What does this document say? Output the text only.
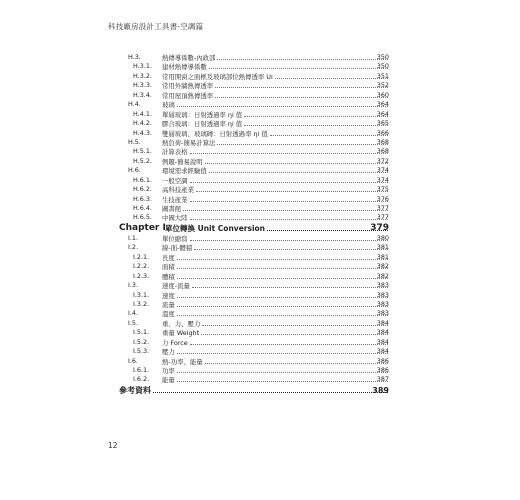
科技廠房設計工具書-空調篇
H.3.	熱傳導係數-內政部	350
H.3.1. 建材熱傳導係數	350
H.3.2. 常用開窗之面框及玻璃部位熱傳透率 Ui	351
H.3.3. 常用外牆熱傳透率	352
H.3.4. 常用屋頂熱傳透率	360
H.4.	玻璃	364
H.4.1. 單層玻璃：日射透過率 ηi 值	364
H.4.2. 膠合玻璃：日射透過率 ηi 值	365
H.4.3. 雙層玻璃、玻璃磚：日射透過率 ηi 值	366
H.5.	熱負荷-簡易計算法	368
H.5.1. 計算表格	368
H.5.2. 例題-簡易說明	372
H.6.	環境需求經驗值	374
H.6.1. 一般空調	374
H.6.2. 高科技產業	375
H.6.3. 生技產業	376
H.6.4. 圖書館	377
H.6.5. 中國大陸	377
Chapter I.
單位轉換 Unit Conversion	379
I.1.	單位縮寫	380
I.2.	線-面-體積	381
I.2.1. 長度	381
I.2.2. 面積	382
I.2.3. 體積	382
I.3.	速度-流量	383
I.3.1. 速度	383
I.3.2. 流量	383
I.4.	溫度	383
I.5.	重、力、壓力	384
I.5.1. 重量 Weight	384
I.5.2. 力 Force	384
I.5.3. 壓力	384
I.6.	熱-功率、能量	386
I.6.1. 功率	386
I.6.2. 能量	387
參考資料	389
12
